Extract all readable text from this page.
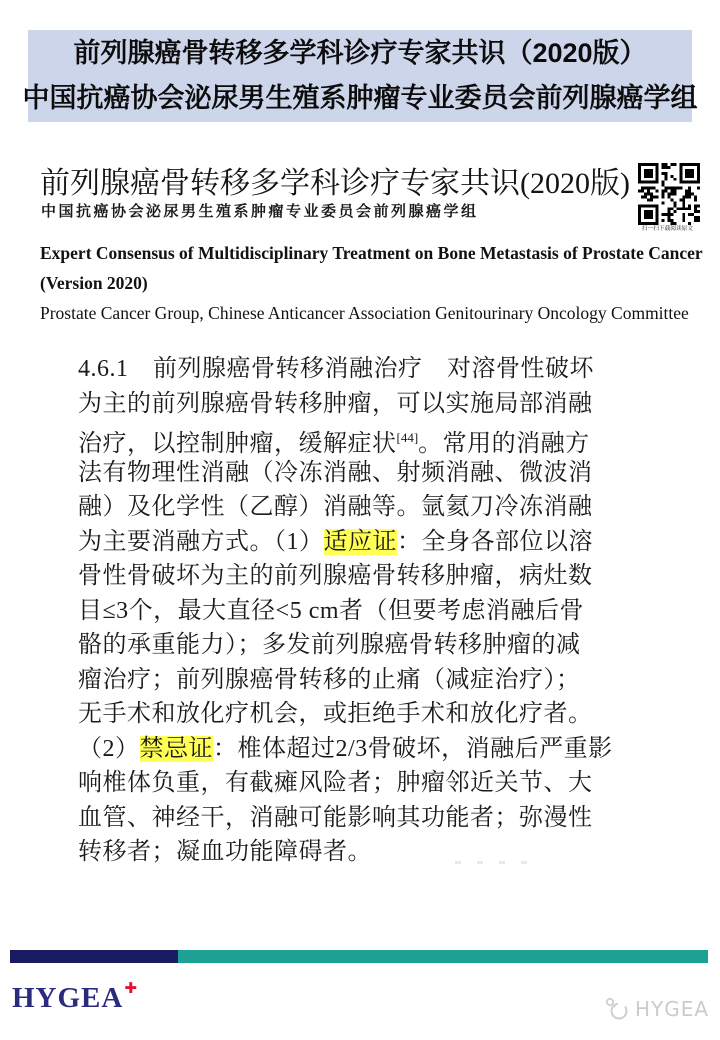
前列腺癌骨转移多学科诊疗专家共识（2020版）
中国抗癌协会泌尿男生殖系肿瘤专业委员会前列腺癌学组
前列腺癌骨转移多学科诊疗专家共识(2020版)
中国抗癌协会泌尿男生殖系肿瘤专业委员会前列腺癌学组
扫一扫下载阅读原文
Expert Consensus of Multidisciplinary Treatment on Bone Metastasis of Prostate Cancer
(Version 2020)
Prostate Cancer Group, Chinese Anticancer Association Genitourinary Oncology Committee
4.6.1　前列腺癌骨转移消融治疗　对溶骨性破坏
为主的前列腺癌骨转移肿瘤，可以实施局部消融
治疗，以控制肿瘤，缓解症状[44]。常用的消融方
法有物理性消融（冷冻消融、射频消融、微波消
融）及化学性（乙醇）消融等。氩氦刀冷冻消融
为主要消融方式。（1）适应证：全身各部位以溶
骨性骨破坏为主的前列腺癌骨转移肿瘤，病灶数
目≤3个，最大直径<5 cm者（但要考虑消融后骨
骼的承重能力）；多发前列腺癌骨转移肿瘤的减
瘤治疗；前列腺癌骨转移的止痛（减症治疗）；
无手术和放化疗机会，或拒绝手术和放化疗者。
（2）禁忌证：椎体超过2/3骨破坏，消融后严重影
响椎体负重，有截瘫风险者；肿瘤邻近关节、大
血管、神经干，消融可能影响其功能者；弥漫性
转移者；凝血功能障碍者。
HYGEA✚
HYGEA
